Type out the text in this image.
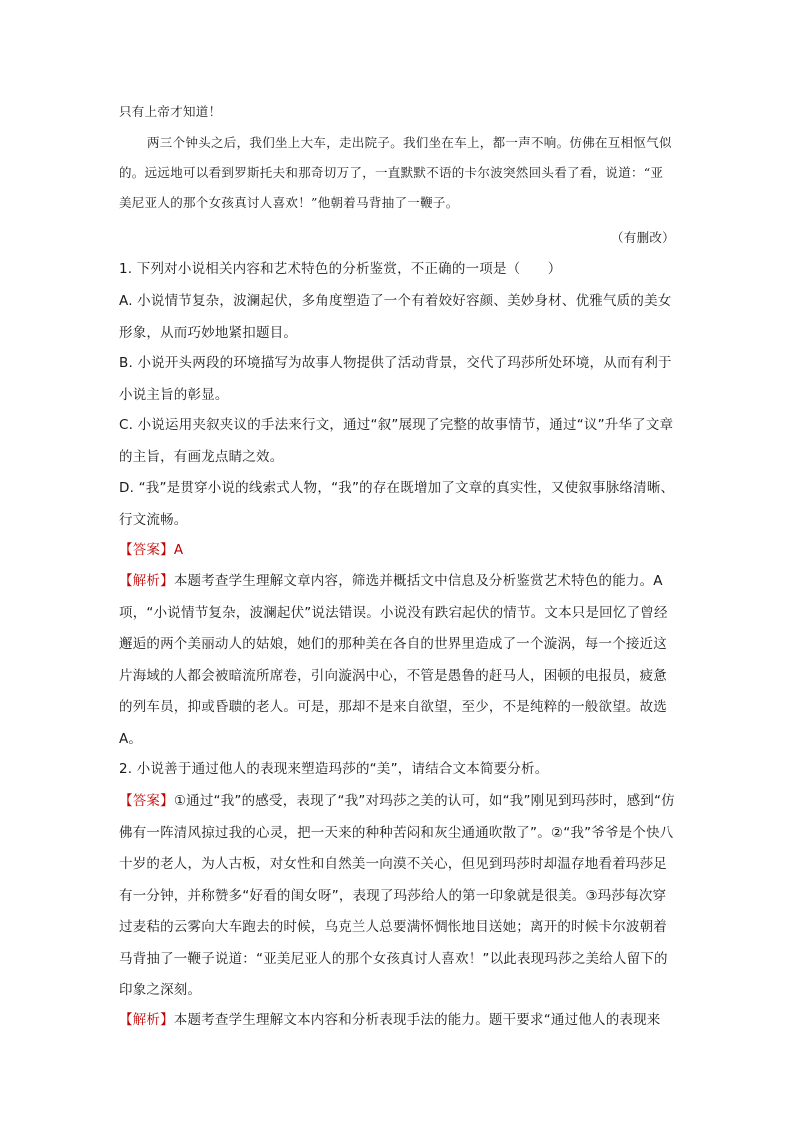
只有上帝才知道！

两三个钟头之后，我们坐上大车，走出院子。我们坐在车上，都一声不响。仿佛在互相怄气似的。远远地可以看到罗斯托夫和那奇切万了，一直默默不语的卡尔波突然回头看了看，说道：“亚美尼亚人的那个女孩真讨人喜欢！”他朝着马背抽了一鞭子。

（有删改）

1. 下列对小说相关内容和艺术特色的分析鉴赏，不正确的一项是（　　）

A. 小说情节复杂，波澜起伏，多角度塑造了一个有着姣好容颜、美妙身材、优雅气质的美女形象，从而巧妙地紧扣题目。

B. 小说开头两段的环境描写为故事人物提供了活动背景，交代了玛莎所处环境，从而有利于小说主旨的彰显。

C. 小说运用夹叙夹议的手法来行文，通过“叙”展现了完整的故事情节，通过“议”升华了文章的主旨，有画龙点睛之效。

D. “我”是贯穿小说的线索式人物，“我”的存在既增加了文章的真实性，又使叙事脉络清晰、行文流畅。

【答案】A

【解析】本题考查学生理解文章内容，筛选并概括文中信息及分析鉴赏艺术特色的能力。A项，“小说情节复杂，波澜起伏”说法错误。小说没有跌宕起伏的情节。文本只是回忆了曾经邂逅的两个美丽动人的姑娘，她们的那种美在各自的世界里造成了一个漩涡，每一个接近这片海域的人都会被暗流所席卷，引向漩涡中心，不管是愚鲁的赶马人，困顿的电报员，疲惫的列车员，抑或昏聩的老人。可是，那却不是来自欲望，至少，不是纯粹的一般欲望。故选A。

2. 小说善于通过他人的表现来塑造玛莎的“美”，请结合文本简要分析。

【答案】①通过“我”的感受，表现了“我”对玛莎之美的认可，如“我”刚见到玛莎时，感到“仿佛有一阵清风掠过我的心灵，把一天来的种种苦闷和灰尘通通吹散了”。②“我”爷爷是个快八十岁的老人，为人古板，对女性和自然美一向漠不关心，但见到玛莎时却温存地看着玛莎足有一分钟，并称赞多“好看的闺女呀”，表现了玛莎给人的第一印象就是很美。③玛莎每次穿过麦秸的云雾向大车跑去的时候，乌克兰人总要满怀惆怅地目送她；离开的时候卡尔波朝着马背抽了一鞭子说道：“亚美尼亚人的那个女孩真讨人喜欢！”以此表现玛莎之美给人留下的印象之深刻。

【解析】本题考查学生理解文本内容和分析表现手法的能力。题干要求“通过他人的表现来
